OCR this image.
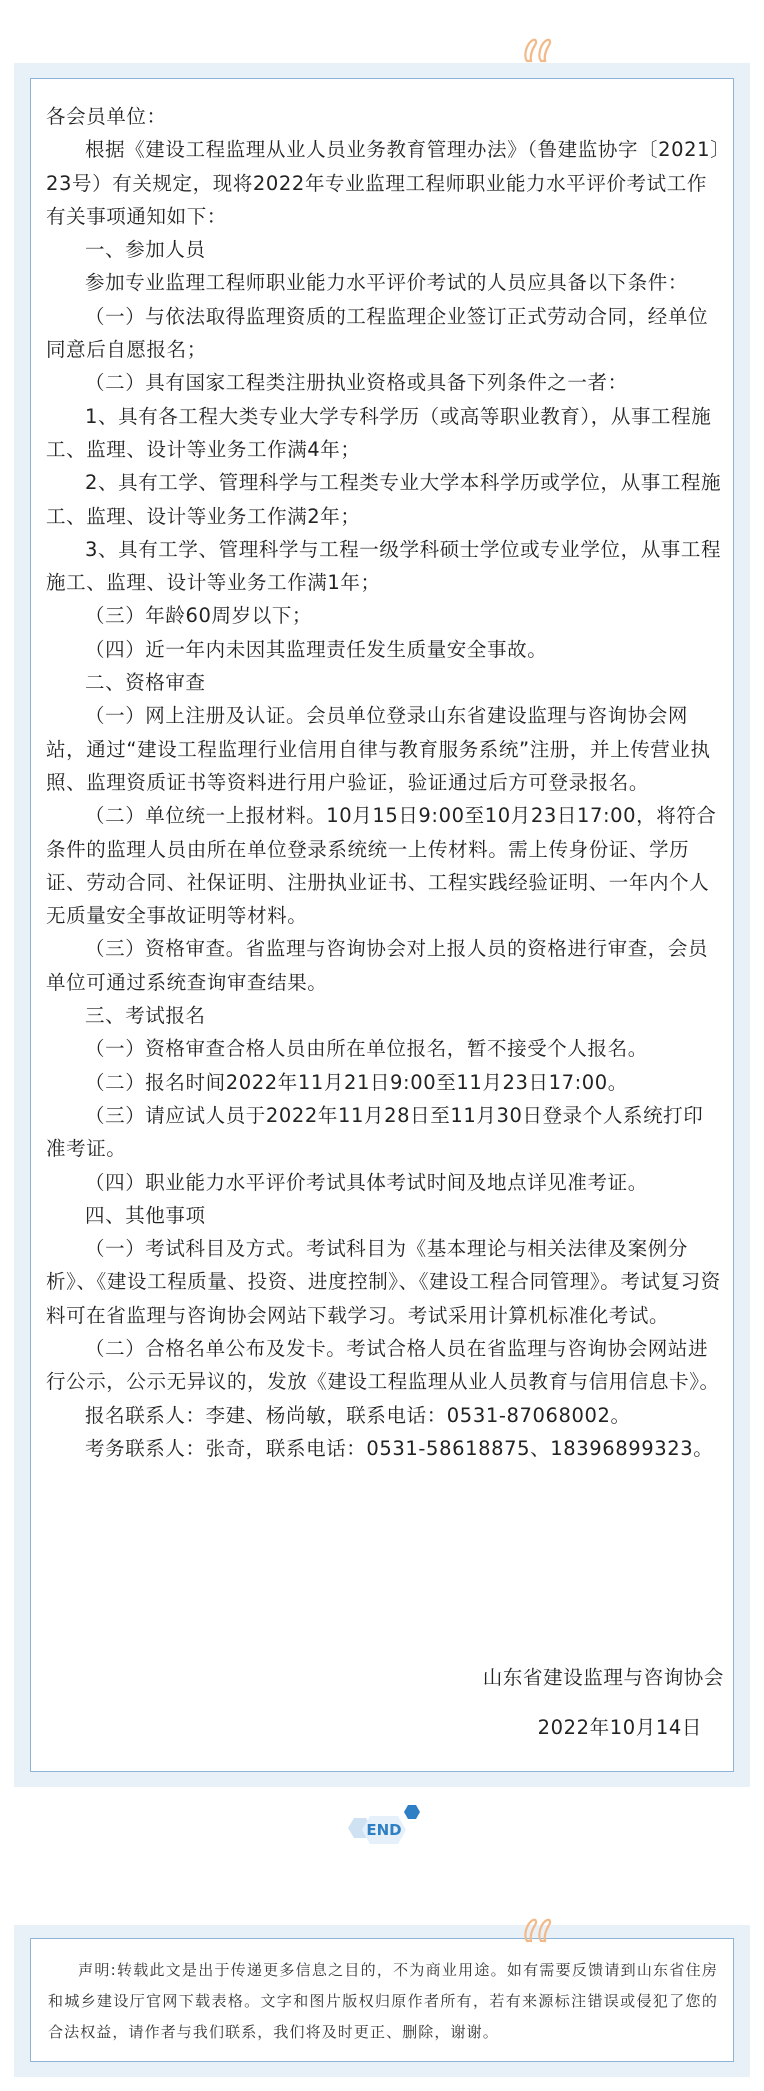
各会员单位：

根据《建设工程监理从业人员业务教育管理办法》（鲁建监协字〔2021〕23号）有关规定，现将2022年专业监理工程师职业能力水平评价考试工作有关事项通知如下：

一、参加人员

参加专业监理工程师职业能力水平评价考试的人员应具备以下条件：

（一）与依法取得监理资质的工程监理企业签订正式劳动合同，经单位同意后自愿报名；

（二）具有国家工程类注册执业资格或具备下列条件之一者：

1、具有各工程大类专业大学专科学历（或高等职业教育），从事工程施工、监理、设计等业务工作满4年；

2、具有工学、管理科学与工程类专业大学本科学历或学位，从事工程施工、监理、设计等业务工作满2年；

3、具有工学、管理科学与工程一级学科硕士学位或专业学位，从事工程施工、监理、设计等业务工作满1年；

（三）年龄60周岁以下；

（四）近一年内未因其监理责任发生质量安全事故。

二、资格审查

（一）网上注册及认证。会员单位登录山东省建设监理与咨询协会网站，通过“建设工程监理行业信用自律与教育服务系统”注册，并上传营业执照、监理资质证书等资料进行用户验证，验证通过后方可登录报名。

（二）单位统一上报材料。10月15日9:00至10月23日17:00，将符合条件的监理人员由所在单位登录系统统一上传材料。需上传身份证、学历证、劳动合同、社保证明、注册执业证书、工程实践经验证明、一年内个人无质量安全事故证明等材料。

（三）资格审查。省监理与咨询协会对上报人员的资格进行审查，会员单位可通过系统查询审查结果。

三、考试报名

（一）资格审查合格人员由所在单位报名，暂不接受个人报名。

（二）报名时间2022年11月21日9:00至11月23日17:00。

（三）请应试人员于2022年11月28日至11月30日登录个人系统打印准考证。

（四）职业能力水平评价考试具体考试时间及地点详见准考证。

四、其他事项

（一）考试科目及方式。考试科目为《基本理论与相关法律及案例分析》、《建设工程质量、投资、进度控制》、《建设工程合同管理》。考试复习资料可在省监理与咨询协会网站下载学习。考试采用计算机标准化考试。

（二）合格名单公布及发卡。考试合格人员在省监理与咨询协会网站进行公示，公示无异议的，发放《建设工程监理从业人员教育与信用信息卡》。

报名联系人：李建、杨尚敏，联系电话：0531-87068002。

考务联系人：张奇，联系电话：0531-58618875、18396899323。

山东省建设监理与咨询协会
2022年10月14日
END
声明:转载此文是出于传递更多信息之目的，不为商业用途。如有需要反馈请到山东省住房和城乡建设厅官网下载表格。文字和图片版权归原作者所有，若有来源标注错误或侵犯了您的合法权益，请作者与我们联系，我们将及时更正、删除，谢谢。
